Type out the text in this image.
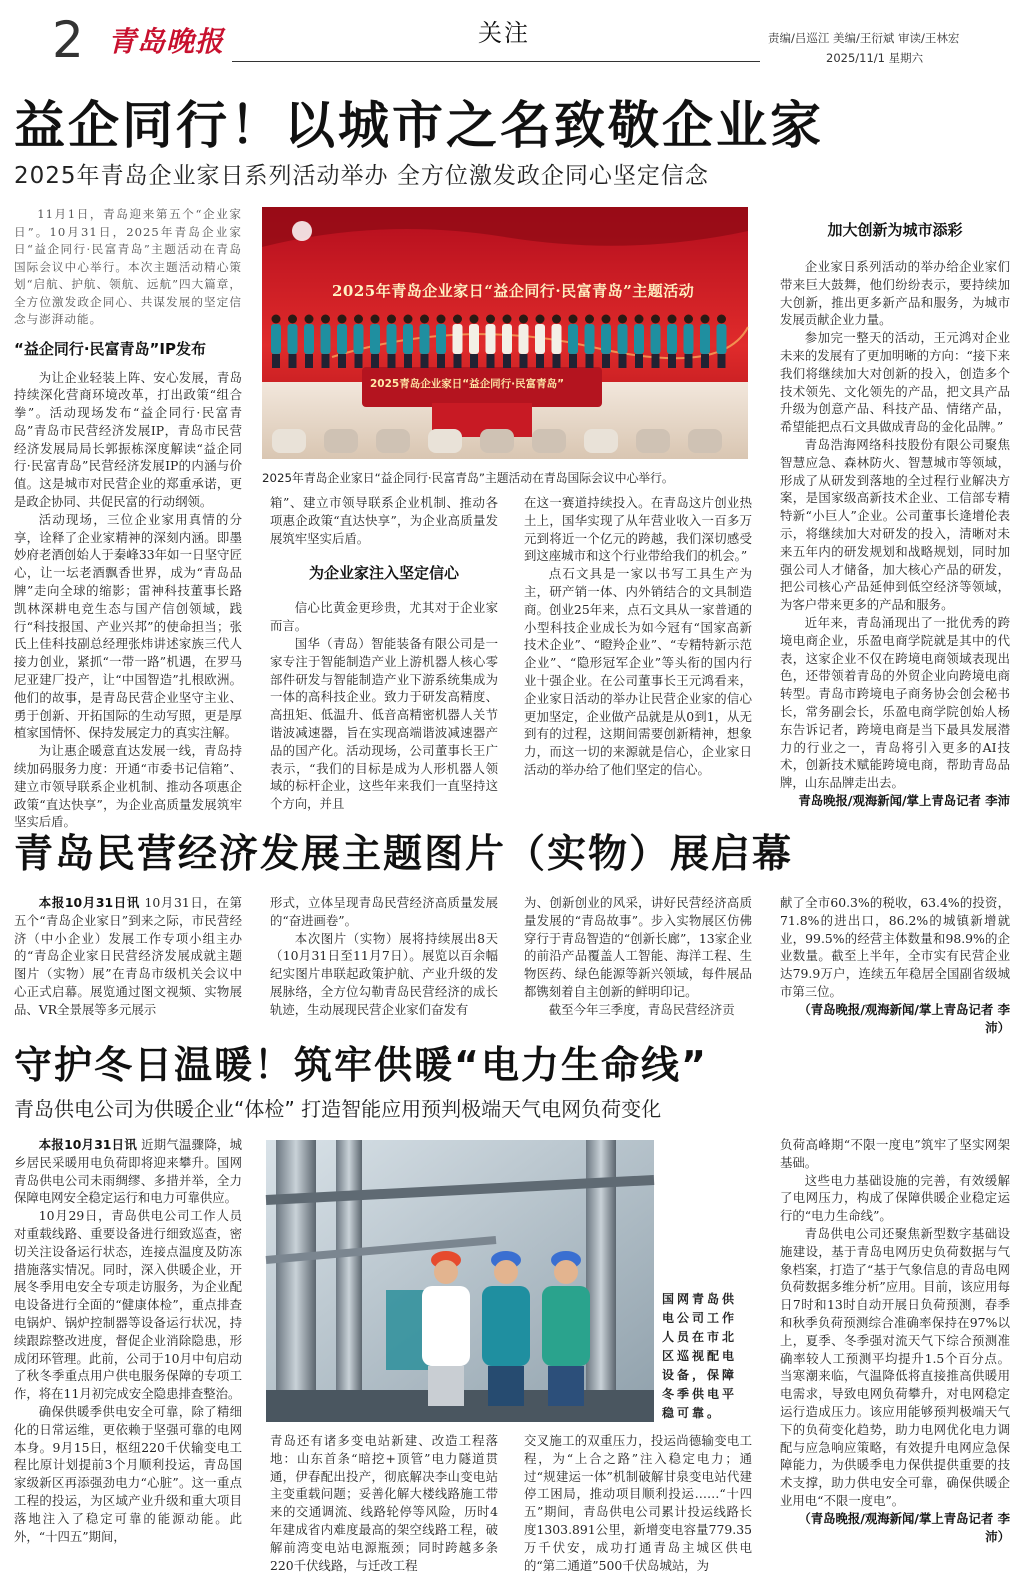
2 青岛晚报	关注	责编/吕巡江 美编/王衍斌 审读/王林宏
2025/11/1 星期六
益企同行！以城市之名致敬企业家
2025年青岛企业家日系列活动举办 全方位激发政企同心坚定信念

11月1日，青岛迎来第五个“企业家日”。10月31日，2025年青岛企业家日“益企同行·民富青岛”主题活动在青岛国际会议中心举行。本次主题活动精心策划“启航、护航、领航、远航”四大篇章，全方位激发政企同心、共谋发展的坚定信念与澎湃动能。

“益企同行·民富青岛”IP发布

为让企业轻装上阵、安心发展，青岛持续深化营商环境改革，打出政策“组合拳”。活动现场发布“益企同行·民富青岛”青岛市民营经济发展IP，青岛市民营经济发展局局长郭振栋深度解读“益企同行·民富青岛”民营经济发展IP的内涵与价值。这是城市对民营企业的郑重承诺，更是政企协同、共促民富的行动纲领。

活动现场，三位企业家用真情的分享，诠释了企业家精神的深刻内涵。即墨妙府老酒创始人于秦峰33年如一日坚守匠心，让一坛老酒飘香世界，成为“青岛品牌”走向全球的缩影；雷神科技董事长路凯林深耕电竞生态与国产信创领域，践行“科技报国、产业兴邦”的使命担当；张氏上佳科技副总经理张炜讲述家族三代人接力创业，紧抓“一带一路”机遇，在罗马尼亚建厂投产，让“中国智造”扎根欧洲。他们的故事，是青岛民营企业坚守主业、勇于创新、开拓国际的生动写照，更是厚植家国情怀、保持发展定力的真实注解。

为让惠企暖意直达发展一线，青岛持续加码服务力度：开通“市委书记信箱”、建立市领导联系企业机制、推动各项惠企政策“直达快享”，为企业高质量发展筑牢坚实后盾。

2025年青岛企业家日“益企同行·民富青岛”主题活动
2025青岛企业家日“益企同行·民富青岛”
2025年青岛企业家日“益企同行·民富青岛”主题活动在青岛国际会议中心举行。

箱”、建立市领导联系企业机制、推动各项惠企政策“直达快享”，为企业高质量发展筑牢坚实后盾。

为企业家注入坚定信心

信心比黄金更珍贵，尤其对于企业家而言。

国华（青岛）智能装备有限公司是一家专注于智能制造产业上游机器人核心零部件研发与智能制造产业下游系统集成为一体的高科技企业。致力于研发高精度、高扭矩、低温升、低音高精密机器人关节谐波减速器，旨在实现高端谐波减速器产品的国产化。活动现场，公司董事长王广表示，“我们的目标是成为人形机器人领域的标杆企业，这些年来我们一直坚持这个方向，并且

在这一赛道持续投入。在青岛这片创业热土上，国华实现了从年营业收入一百多万元到将近一个亿元的跨越，我们深切感受到这座城市和这个行业带给我们的机会。”

点石文具是一家以书写工具生产为主，研产销一体、内外销结合的文具制造商。创业25年来，点石文具从一家普通的小型科技企业成长为如今冠有“国家高新技术企业”、“瞪羚企业”、“专精特新示范企业”、“隐形冠军企业”等头衔的国内行业十强企业。在公司董事长王元鸿看来，企业家日活动的举办让民营企业家的信心更加坚定，企业做产品就是从0到1，从无到有的过程，这期间需要创新精神，想象力，而这一切的来源就是信心，企业家日活动的举办给了他们坚定的信心。

加大创新为城市添彩

企业家日系列活动的举办给企业家们带来巨大鼓舞，他们纷纷表示，要持续加大创新，推出更多新产品和服务，为城市发展贡献企业力量。

参加完一整天的活动，王元鸿对企业未来的发展有了更加明晰的方向：“接下来我们将继续加大对创新的投入，创造多个技术领先、文化领先的产品，把文具产品升级为创意产品、科技产品、情绪产品，希望能把点石文具做成青岛的金化品牌。”

青岛浩海网络科技股份有限公司聚焦智慧应急、森林防火、智慧城市等领域，形成了从研发到落地的全过程行业解决方案，是国家级高新技术企业、工信部专精特新“小巨人”企业。公司董事长逄增伦表示，将继续加大对研发的投入，清晰对未来五年内的研发规划和战略规划，同时加强公司人才储备，加大核心产品的研发，把公司核心产品延伸到低空经济等领域，为客户带来更多的产品和服务。

近年来，青岛涌现出了一批优秀的跨境电商企业，乐盈电商学院就是其中的代表，这家企业不仅在跨境电商领域表现出色，还带领着青岛的外贸企业向跨境电商转型。青岛市跨境电子商务协会创会秘书长，常务副会长，乐盈电商学院创始人杨东告诉记者，跨境电商是当下最具发展潜力的行业之一，青岛将引入更多的AI技术，创新技术赋能跨境电商，帮助青岛品牌，山东品牌走出去。

青岛晚报/观海新闻/掌上青岛记者 李沛

青岛民营经济发展主题图片（实物）展启幕

本报10月31日讯 10月31日，在第五个“青岛企业家日”到来之际，市民营经济（中小企业）发展工作专项小组主办的“青岛企业家日民营经济发展成就主题图片（实物）展”在青岛市级机关会议中心正式启幕。展览通过图文视频、实物展品、VR全景展等多元展示

形式，立体呈现青岛民营经济高质量发展的“奋进画卷”。

本次图片（实物）展将持续展出8天（10月31日至11月7日）。展览以百余幅纪实图片串联起政策护航、产业升级的发展脉络，全方位勾勒青岛民营经济的成长轨迹，生动展现民营企业家们奋发有

为、创新创业的风采，讲好民营经济高质量发展的“青岛故事”。步入实物展区仿佛穿行于青岛智造的“创新长廊”，13家企业的前沿产品覆盖人工智能、海洋工程、生物医药、绿色能源等新兴领域，每件展品都镌刻着自主创新的鲜明印记。

截至今年三季度，青岛民营经济贡

献了全市60.3%的税收，63.4%的投资，71.8%的进出口，86.2%的城镇新增就业，99.5%的经营主体数量和98.9%的企业数量。截至上半年，全市实有民营企业达79.9万户，连续五年稳居全国副省级城市第三位。

（青岛晚报/观海新闻/掌上青岛记者 李沛）

守护冬日温暖！筑牢供暖“电力生命线”
青岛供电公司为供暖企业“体检” 打造智能应用预判极端天气电网负荷变化

本报10月31日讯 近期气温骤降，城乡居民采暖用电负荷即将迎来攀升。国网青岛供电公司未雨绸缪、多措并举，全力保障电网安全稳定运行和电力可靠供应。

10月29日，青岛供电公司工作人员对重载线路、重要设备进行细致巡查，密切关注设备运行状态，连接点温度及防冻措施落实情况。同时，深入供暖企业，开展冬季用电安全专项走访服务，为企业配电设备进行全面的“健康体检”，重点排查电锅炉、锅炉控制器等设备运行状况，持续跟踪整改进度，督促企业消除隐患，形成闭环管理。此前，公司于10月中旬启动了秋冬季重点用户供电服务保障的专项工作，将在11月初完成安全隐患排查整治。

确保供暖季供电安全可靠，除了精细化的日常运维，更依赖于坚强可靠的电网本身。9月15日，枢纽220千伏输变电工程比原计划提前3个月顺利投运，青岛国家级新区再添强劲电力“心脏”。这一重点工程的投运，为区域产业升级和重大项目落地注入了稳定可靠的能源动能。此外，“十四五”期间，

国网青岛供电公司工作人员在市北区巡视配电设备，保障冬季供电平稳可靠。

青岛还有诸多变电站新建、改造工程落地：山东首条“暗挖+顶管”电力隧道贯通，伊春配出投产，彻底解决李山变电站主变重载问题；妥善化解大楼线路施工带来的交通调流、线路轮停等风险，历时4年建成省内难度最高的架空线路工程，破解前湾变电站电源瓶颈；同时跨越多条220千伏线路，与迁改工程

交叉施工的双重压力，投运尚德输变电工程，为“上合之路”注入稳定电力；通过“规建运一体”机制破解甘泉变电站代建停工困局，推动项目顺利投运……“十四五”期间，青岛供电公司累计投运线路长度1303.891公里，新增变电容量779.35万千伏安，成功打通青岛主城区供电的“第二通道”500千伏岛城站，为

负荷高峰期“不限一度电”筑牢了坚实网架基础。

这些电力基础设施的完善，有效缓解了电网压力，构成了保障供暖企业稳定运行的“电力生命线”。

青岛供电公司还聚焦新型数字基础设施建设，基于青岛电网历史负荷数据与气象档案，打造了“基于气象信息的青岛电网负荷数据多维分析”应用。目前，该应用每日7时和13时自动开展日负荷预测，春季和秋季负荷预测综合准确率保持在97%以上，夏季、冬季强对流天气下综合预测准确率较人工预测平均提升1.5个百分点。当寒潮来临，气温降低将直接推高供暖用电需求，导致电网负荷攀升，对电网稳定运行造成压力。该应用能够预判极端天气下的负荷变化趋势，助力电网优化电力调配与应急响应策略，有效提升电网应急保障能力，为供暖季电力保供提供重要的技术支撑，助力供电安全可靠，确保供暖企业用电“不限一度电”。

（青岛晚报/观海新闻/掌上青岛记者 李沛）
